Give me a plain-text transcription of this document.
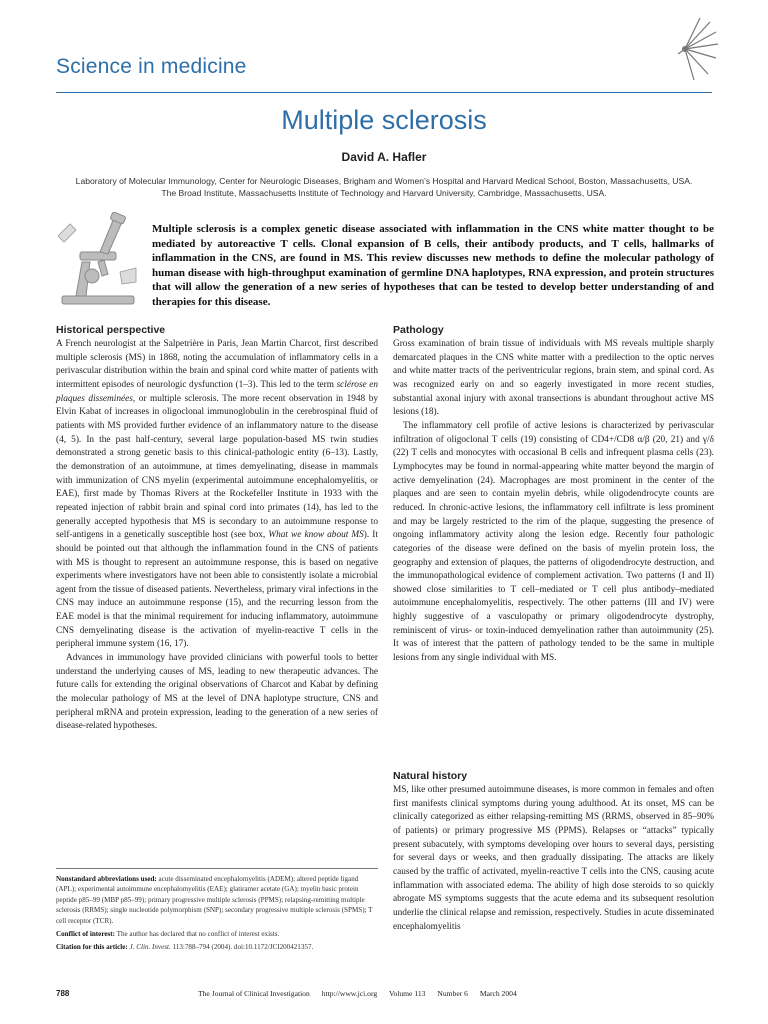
Science in medicine
Multiple sclerosis
David A. Hafler
Laboratory of Molecular Immunology, Center for Neurologic Diseases, Brigham and Women’s Hospital and Harvard Medical School, Boston, Massachusetts, USA.
The Broad Institute, Massachusetts Institute of Technology and Harvard University, Cambridge, Massachusetts, USA.
Multiple sclerosis is a complex genetic disease associated with inflammation in the CNS white matter thought to be mediated by autoreactive T cells. Clonal expansion of B cells, their antibody products, and T cells, hallmarks of inflammation in the CNS, are found in MS. This review discusses new methods to define the molecular pathology of human disease with high-throughput examination of germline DNA haplotypes, RNA expression, and protein structures that will allow the generation of a new series of hypotheses that can be tested to develop better understanding of and therapies for this disease.
Historical perspective

A French neurologist at the Salpetrière in Paris, Jean Martin Charcot, first described multiple sclerosis (MS) in 1868, noting the accumulation of inflammatory cells in a perivascular distribution within the brain and spinal cord white matter of patients with intermittent episodes of neurologic dysfunction (1–3). This led to the term sclérose en plaques disseminées, or multiple sclerosis. The more recent observation in 1948 by Elvin Kabat of increases in oligoclonal immunoglobulin in the cerebrospinal fluid of patients with MS provided further evidence of an inflammatory nature to the disease (4, 5). In the past half-century, several large population-based MS twin studies demonstrated a strong genetic basis to this clinical-pathologic entity (6–13). Lastly, the demonstration of an autoimmune, at times demyelinating, disease in mammals with immunization of CNS myelin (experimental autoimmune encephalomyelitis, or EAE), first made by Thomas Rivers at the Rockefeller Institute in 1933 with the repeated injection of rabbit brain and spinal cord into primates (14), has led to the generally accepted hypothesis that MS is secondary to an autoimmune response to self-antigens in a genetically susceptible host (see box, What we know about MS). It should be pointed out that although the inflammation found in the CNS of patients with MS is thought to represent an autoimmune response, this is based on negative experiments where investigators have not been able to consistently isolate a microbial agent from the tissue of diseased patients. Nevertheless, primary viral infections in the CNS may induce an autoimmune response (15), and the recurring lesson from the EAE model is that the minimal requirement for inducing inflammatory, autoimmune CNS demyelinating disease is the activation of myelin-reactive T cells in the peripheral immune system (16, 17).

Advances in immunology have provided clinicians with powerful tools to better understand the underlying causes of MS, leading to new therapeutic advances. The future calls for extending the original observations of Charcot and Kabat by defining the molecular pathology of MS at the level of DNA haplotype structure, CNS and peripheral mRNA and protein expression, leading to the generation of a new series of disease-related hypotheses.

Nonstandard abbreviations used: acute disseminated encephalomyelitis (ADEM); altered peptide ligand (APL); experimental autoimmune encephalomyelitis (EAE); glatiramer acetate (GA); myelin basic protein peptide p85–99 (MBP p85–99); primary progressive multiple sclerosis (PPMS); relapsing-remitting multiple sclerosis (RRMS); single nucleotide polymorphism (SNP); secondary progressive multiple sclerosis (SPMS); T cell receptor (TCR).

Conflict of interest: The author has declared that no conflict of interest exists.

Citation for this article: J. Clin. Invest. 113:788–794 (2004). doi:10.1172/JCI200421357.

Pathology

Gross examination of brain tissue of individuals with MS reveals multiple sharply demarcated plaques in the CNS white matter with a predilection to the optic nerves and white matter tracts of the periventricular regions, brain stem, and spinal cord. As was recognized early on and so eagerly investigated in more recent studies, substantial axonal injury with axonal transections is abundant throughout active MS lesions (18).

The inflammatory cell profile of active lesions is characterized by perivascular infiltration of oligoclonal T cells (19) consisting of CD4+/CD8 α/β (20, 21) and γ/δ (22) T cells and monocytes with occasional B cells and infrequent plasma cells (23). Lymphocytes may be found in normal-appearing white matter beyond the margin of active demyelination (24). Macrophages are most prominent in the center of the plaques and are seen to contain myelin debris, while oligodendrocyte counts are reduced. In chronic-active lesions, the inflammatory cell infiltrate is less prominent and may be largely restricted to the rim of the plaque, suggesting the presence of ongoing inflammatory activity along the lesion edge. Recently four pathologic categories of the disease were defined on the basis of myelin protein loss, the geography and extension of plaques, the patterns of oligodendrocyte destruction, and the immunopathological evidence of complement activation. Two patterns (I and II) showed close similarities to T cell–mediated or T cell plus antibody–mediated autoimmune encephalomyelitis, respectively. The other patterns (III and IV) were highly suggestive of a vasculopathy or primary oligodendrocyte dystrophy, reminiscent of virus- or toxin-induced demyelination rather than autoimmunity (25). It was of interest that the pattern of pathology tended to be the same in multiple lesions from any single individual with MS.

Natural history

MS, like other presumed autoimmune diseases, is more common in females and often first manifests clinical symptoms during young adulthood. At its onset, MS can be clinically categorized as either relapsing-remitting MS (RRMS, observed in 85–90% of patients) or primary progressive MS (PPMS). Relapses or “attacks” typically present subacutely, with symptoms developing over hours to several days, persisting for several days or weeks, and then gradually dissipating. The attacks are likely caused by the traffic of activated, myelin-reactive T cells into the CNS, causing acute inflammation with associated edema. The ability of high dose steroids to so quickly abrogate MS symptoms suggests that the acute edema and its subsequent resolution underlie the clinical relapse and remission, respectively. Studies in acute disseminated encephalomyelitis

788	The Journal of Clinical Investigation http://www.jci.org Volume 113 Number 6 March 2004
